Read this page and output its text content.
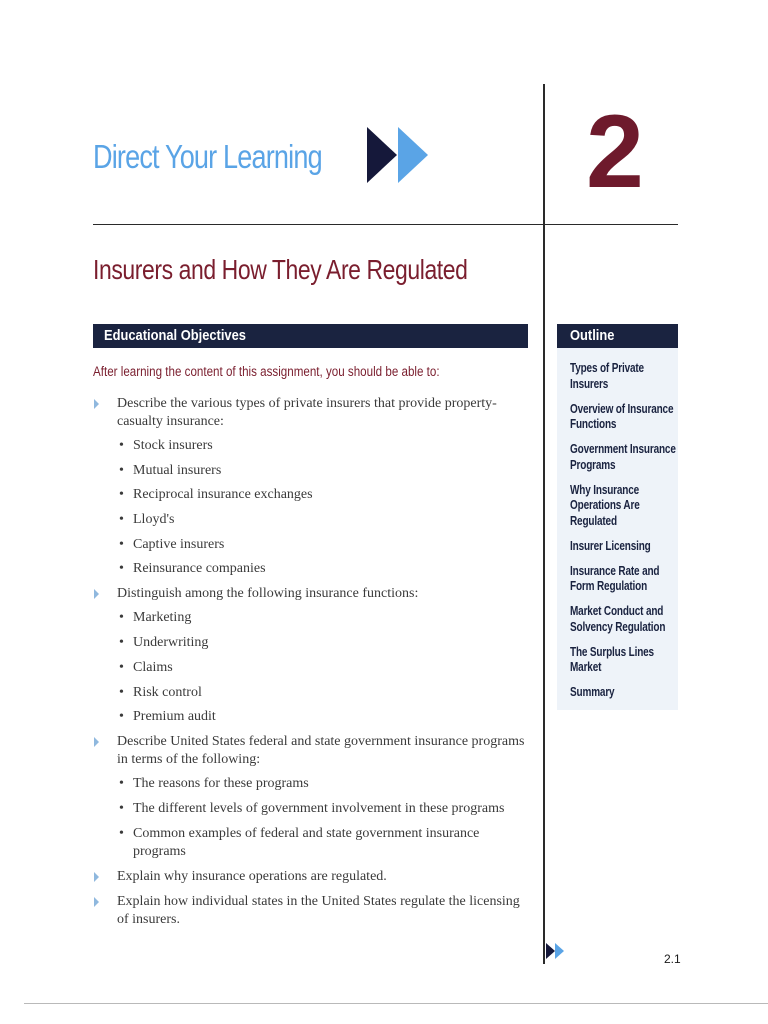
Direct Your Learning	2
Insurers and How They Are Regulated
Educational Objectives

After learning the content of this assignment, you should be able to:

Describe the various types of private insurers that provide property-casualty insurance:
• Stock insurers
• Mutual insurers
• Reciprocal insurance exchanges
• Lloyd's
• Captive insurers
• Reinsurance companies
Distinguish among the following insurance functions:
• Marketing
• Underwriting
• Claims
• Risk control
• Premium audit
Describe United States federal and state government insurance programs in terms of the following:
• The reasons for these programs
• The different levels of government involvement in these programs
• Common examples of federal and state government insurance programs
Explain why insurance operations are regulated.
Explain how individual states in the United States regulate the licensing of insurers.
Outline
Types of Private Insurers
Overview of Insurance Functions
Government Insurance Programs
Why Insurance Operations Are Regulated
Insurer Licensing
Insurance Rate and Form Regulation
Market Conduct and Solvency Regulation
The Surplus Lines Market
Summary
2.1
